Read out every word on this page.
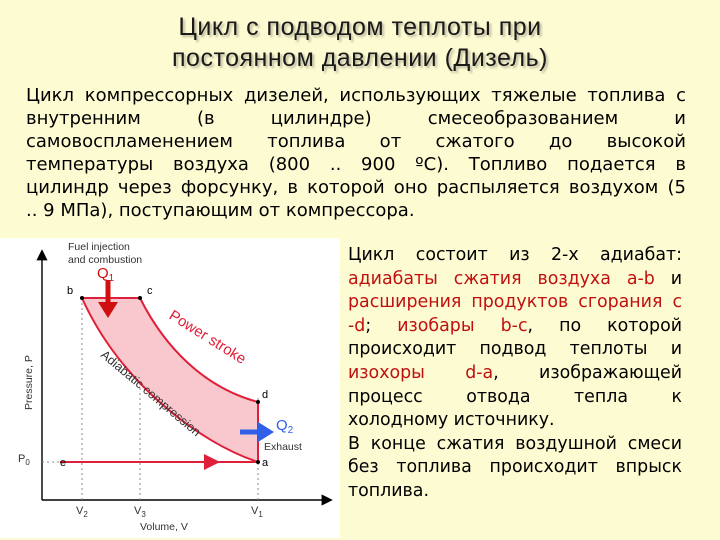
Цикл с подводом теплоты при
постоянном давлении (Дизель)
Цикл компрессорных дизелей, использующих тяжелые топлива с
внутренним (в цилиндре) смесеобразованием и
самовоспламенением топлива от сжатого до высокой
температуры воздуха (800 .. 900 ºС). Топливо подается в
цилиндр через форсунку, в которой оно распыляется воздухом (5
.. 9 МПа), поступающим от компрессора.
Fuel injection
and combustion
$Q_1$
b	c
d
a
e
Power stroke
Adiabatic compression	$Q_2$
Exhaust
Pressure, P
$P_0$
$V_2$	$V_3$	$V_1$
Volume, V
Цикл состоит из 2-х адиабат:
адиабаты сжатия воздуха a-b и
расширения продуктов сгорания с
-d; изобары b-c, по которой
происходит подвод теплоты и
изохоры d-a, изображающей
процесс отвода тепла к
холодному источнику.
В конце сжатия воздушной смеси
без топлива происходит впрыск
топлива.
